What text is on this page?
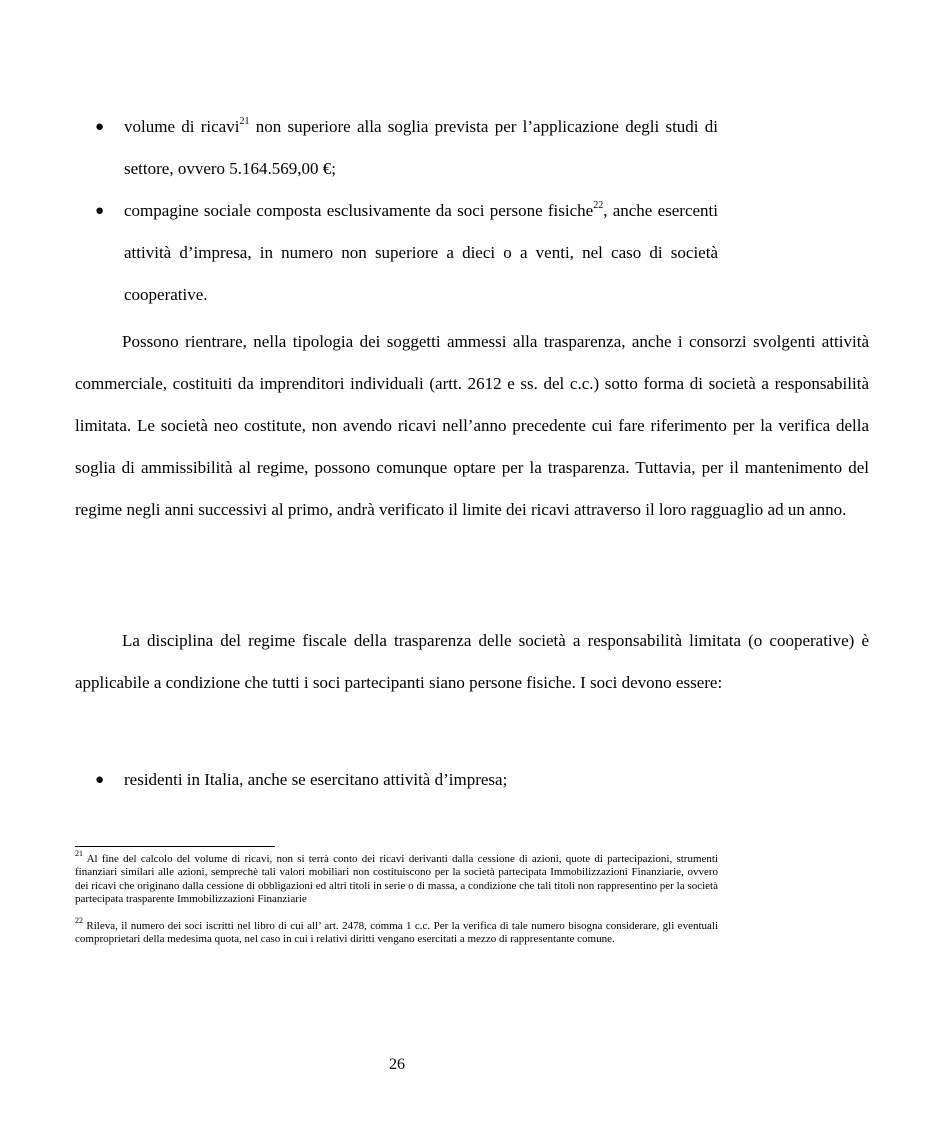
● volume di ricavi$^{21}$ non superiore alla soglia prevista per l’applicazione degli studi di settore, ovvero 5.164.569,00 €;
● compagine sociale composta esclusivamente da soci persone fisiche$^{22}$, anche esercenti attività d’impresa, in numero non superiore a dieci o a venti, nel caso di società cooperative.

Possono rientrare, nella tipologia dei soggetti ammessi alla trasparenza, anche i consorzi svolgenti attività commerciale, costituiti da imprenditori individuali (artt. 2612 e ss. del c.c.) sotto forma di società a responsabilità limitata. Le società neo costitute, non avendo ricavi nell’anno precedente cui fare riferimento per la verifica della soglia di ammissibilità al regime, possono comunque optare per la trasparenza. Tuttavia, per il mantenimento del regime negli anni successivi al primo, andrà verificato il limite dei ricavi attraverso il loro ragguaglio ad un anno.

La disciplina del regime fiscale della trasparenza delle società a responsabilità limitata (o cooperative) è applicabile a condizione che tutti i soci partecipanti siano persone fisiche. I soci devono essere:

● residenti in Italia, anche se esercitano attività d’impresa;

$^{21}$ Al fine del calcolo del volume di ricavi, non si terrà conto dei ricavi derivanti dalla cessione di azioni, quote di partecipazioni, strumenti finanziari similari alle azioni, semprechè tali valori mobiliari non costituiscono per la società partecipata Immobilizzazioni Finanziarie, ovvero dei ricavi che originano dalla cessione di obbligazioni ed altri titoli in serie o di massa, a condizione che tali titoli non rappresentino per la società partecipata trasparente Immobilizzazioni Finanziarie

$^{22}$ Rileva, il numero dei soci iscritti nel libro di cui all’ art. 2478, comma 1 c.c. Per la verifica di tale numero bisogna considerare, gli eventuali comproprietari della medesima quota, nel caso in cui i relativi diritti vengano esercitati a mezzo di rappresentante comune.

26
